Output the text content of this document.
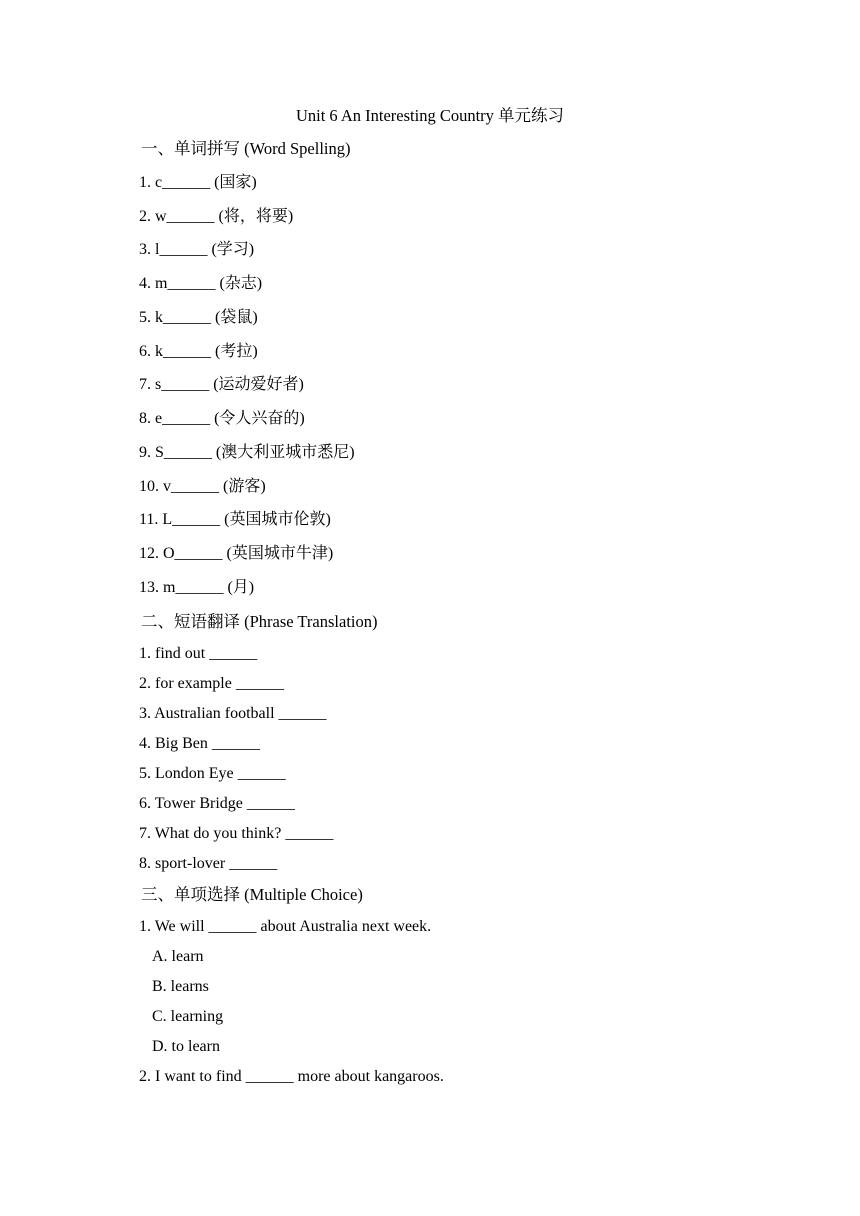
Unit 6 An Interesting Country 单元练习
一、单词拼写 (Word Spelling)
1. c______ (国家)
2. w______ (将，将要)
3. l______ (学习)
4. m______ (杂志)
5. k______ (袋鼠)
6. k______ (考拉)
7. s______ (运动爱好者)
8. e______ (令人兴奋的)
9. S______ (澳大利亚城市悉尼)
10. v______ (游客)
11. L______ (英国城市伦敦)
12. O______ (英国城市牛津)
13. m______ (月)
二、短语翻译 (Phrase Translation)
1. find out ______
2. for example ______
3. Australian football ______
4. Big Ben ______
5. London Eye ______
6. Tower Bridge ______
7. What do you think? ______
8. sport-lover ______
三、单项选择 (Multiple Choice)
1. We will ______ about Australia next week.
A. learn
B. learns
C. learning
D. to learn
2. I want to find ______ more about kangaroos.
